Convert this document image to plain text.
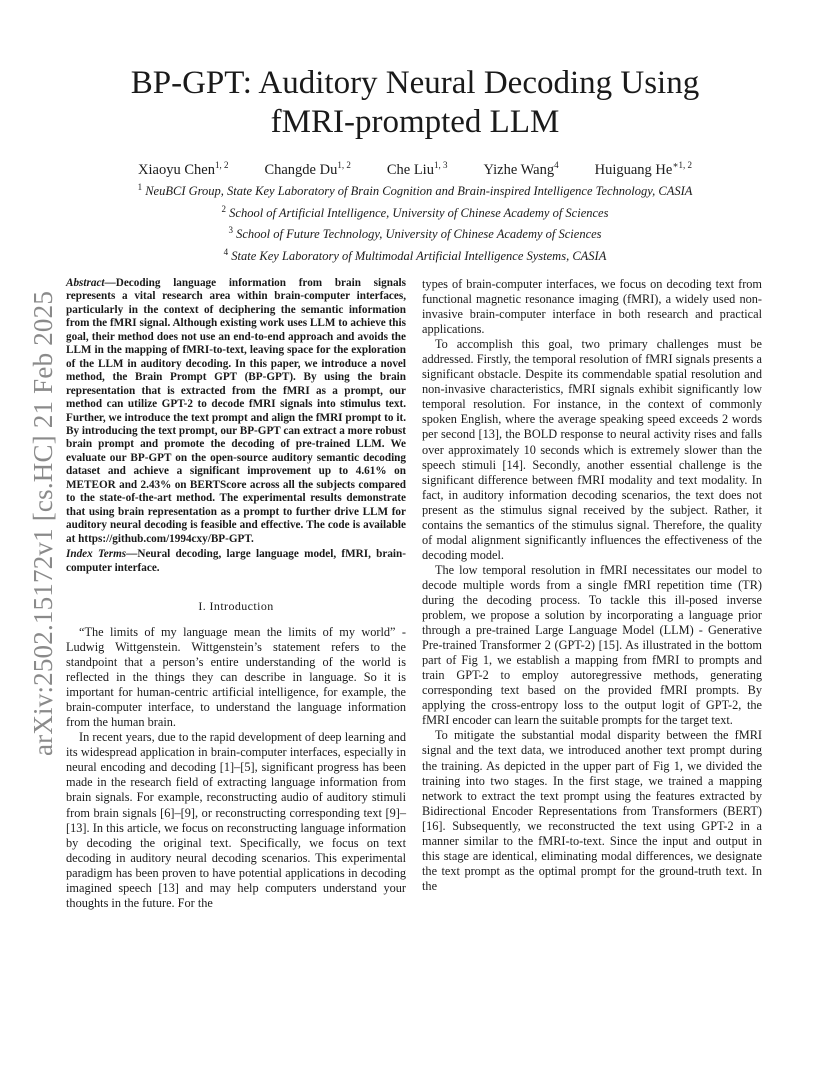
arXiv:2502.15172v1 [cs.HC] 21 Feb 2025
BP-GPT: Auditory Neural Decoding Using
fMRI-prompted LLM
Xiaoyu Chen$^{1, 2}$ Changde Du$^{1, 2}$ Che Liu$^{1, 3}$ Yizhe Wang$^4$ Huiguang $He^{∗1, 2}$
$^1$ NeuBCI Group, State Key Laboratory of Brain Cognition and Brain-inspired Intelligence Technology, CASIA
$^2$ School of Artificial Intelligence, University of Chinese Academy of Sciences
$^3$ School of Future Technology, University of Chinese Academy of Sciences
$^4$ State Key Laboratory of Multimodal Artificial Intelligence Systems, CASIA

Abstract—Decoding language information from brain signals represents a vital research area within brain-computer interfaces, particularly in the context of deciphering the semantic information from the fMRI signal. Although existing work uses LLM to achieve this goal, their method does not use an end-to-end approach and avoids the LLM in the mapping of fMRI-to-text, leaving space for the exploration of the LLM in auditory decoding. In this paper, we introduce a novel method, the Brain Prompt GPT (BP-GPT). By using the brain representation that is extracted from the fMRI as a prompt, our method can utilize GPT-2 to decode fMRI signals into stimulus text. Further, we introduce the text prompt and align the fMRI prompt to it. By introducing the text prompt, our BP-GPT can extract a more robust brain prompt and promote the decoding of pre-trained LLM. We evaluate our BP-GPT on the open-source auditory semantic decoding dataset and achieve a significant improvement up to 4.61% on METEOR and 2.43% on BERTScore across all the subjects compared to the state-of-the-art method. The experimental results demonstrate that using brain representation as a prompt to further drive LLM for auditory neural decoding is feasible and effective. The code is available at https://github.com/1994cxy/BP-GPT.

Index Terms—Neural decoding, large language model, fMRI, brain-computer interface.

I. Introduction

“The limits of my language mean the limits of my world” - Ludwig Wittgenstein. Wittgenstein’s statement refers to the standpoint that a person’s entire understanding of the world is reflected in the things they can describe in language. So it is important for human-centric artificial intelligence, for example, the brain-computer interface, to understand the language information from the human brain.

In recent years, due to the rapid development of deep learning and its widespread application in brain-computer interfaces, especially in neural encoding and decoding [1]–[5], significant progress has been made in the research field of extracting language information from brain signals. For example, reconstructing audio of auditory stimuli from brain signals [6]–[9], or reconstructing corresponding text [9]–[13]. In this article, we focus on reconstructing language information by decoding the original text. Specifically, we focus on text decoding in auditory neural decoding scenarios. This experimental paradigm has been proven to have potential applications in decoding imagined speech [13] and may help computers understand your thoughts in the future. For the

types of brain-computer interfaces, we focus on decoding text from functional magnetic resonance imaging (fMRI), a widely used non-invasive brain-computer interface in both research and practical applications.

To accomplish this goal, two primary challenges must be addressed. Firstly, the temporal resolution of fMRI signals presents a significant obstacle. Despite its commendable spatial resolution and non-invasive characteristics, fMRI signals exhibit significantly low temporal resolution. For instance, in the context of commonly spoken English, where the average speaking speed exceeds 2 words per second [13], the BOLD response to neural activity rises and falls over approximately 10 seconds which is extremely slower than the speech stimuli [14]. Secondly, another essential challenge is the significant difference between fMRI modality and text modality. In fact, in auditory information decoding scenarios, the text does not present as the stimulus signal received by the subject. Rather, it contains the semantics of the stimulus signal. Therefore, the quality of modal alignment significantly influences the effectiveness of the decoding model.

The low temporal resolution in fMRI necessitates our model to decode multiple words from a single fMRI repetition time (TR) during the decoding process. To tackle this ill-posed inverse problem, we propose a solution by incorporating a language prior through a pre-trained Large Language Model (LLM) - Generative Pre-trained Transformer 2 (GPT-2) [15]. As illustrated in the bottom part of Fig 1, we establish a mapping from fMRI to prompts and train GPT-2 to employ autoregressive methods, generating corresponding text based on the provided fMRI prompts. By applying the cross-entropy loss to the output logit of GPT-2, the fMRI encoder can learn the suitable prompts for the target text.

To mitigate the substantial modal disparity between the fMRI signal and the text data, we introduced another text prompt during the training. As depicted in the upper part of Fig 1, we divided the training into two stages. In the first stage, we trained a mapping network to extract the text prompt using the features extracted by Bidirectional Encoder Representations from Transformers (BERT) [16]. Subsequently, we reconstructed the text using GPT-2 in a manner similar to the fMRI-to-text. Since the input and output in this stage are identical, eliminating modal differences, we designate the text prompt as the optimal prompt for the ground-truth text. In the
